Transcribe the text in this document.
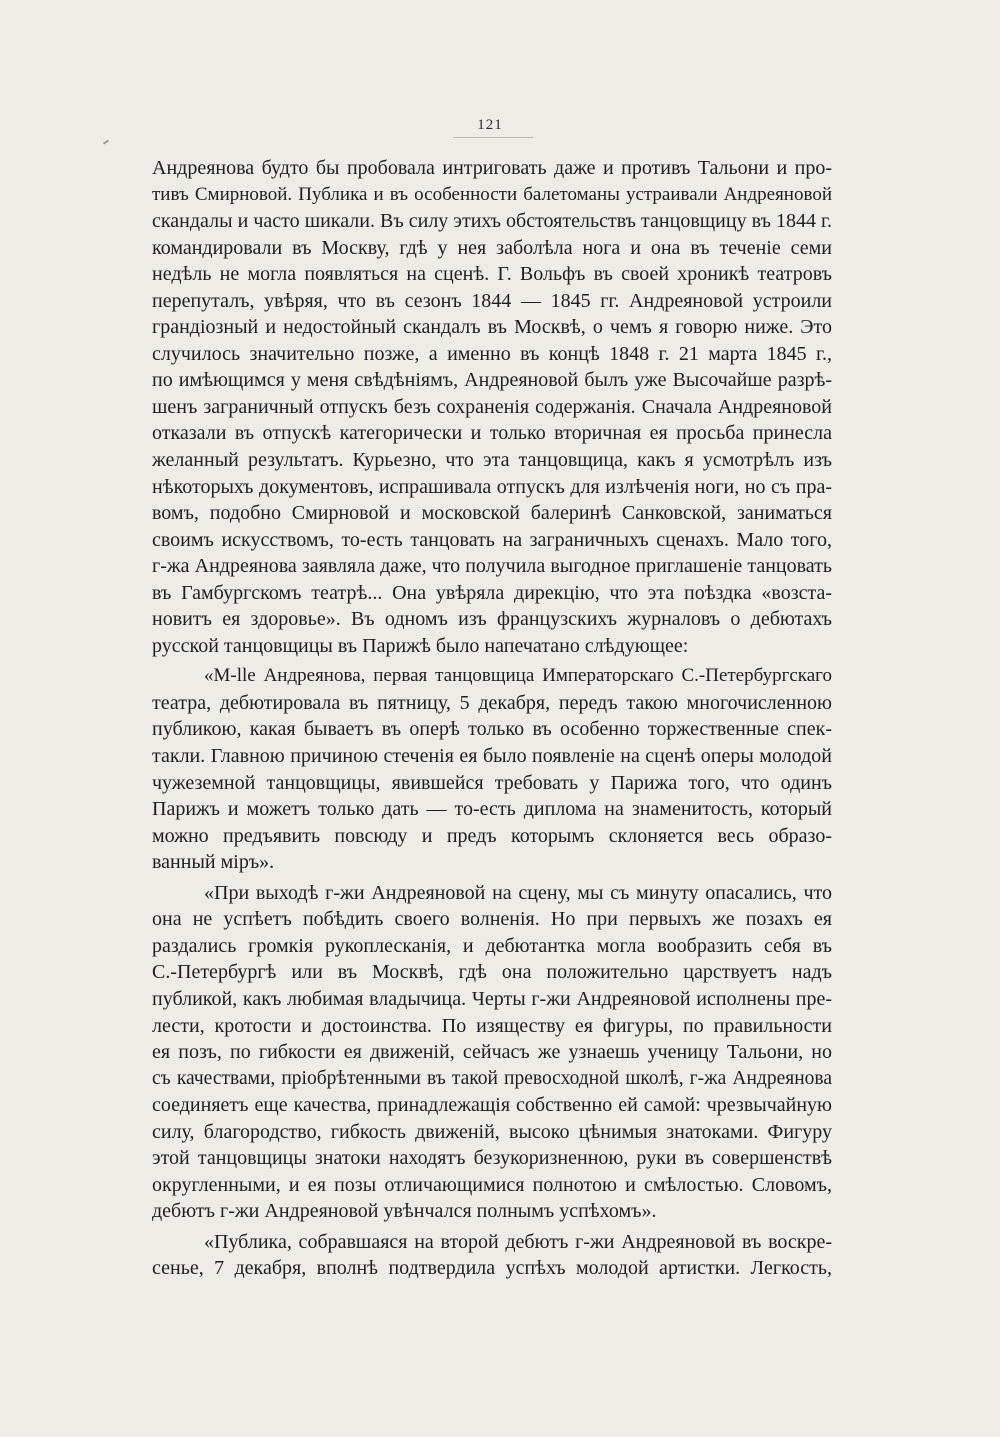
121
Андреянова будто бы пробовала интриговать даже и противъ Тальони и про-
тивъ Смирновой. Публика и въ особенности балетоманы устраивали Андреяновой
скандалы и часто шикали. Въ силу этихъ обстоятельствъ танцовщицу въ 1844 г.
командировали въ Москву, гдѣ у нея заболѣла нога и она въ теченіе семи
недѣль не могла появляться на сценѣ. Г. Вольфъ въ своей хроникѣ театровъ
перепуталъ, увѣряя, что въ сезонъ 1844 — 1845 гг. Андреяновой устроили
грандіозный и недостойный скандалъ въ Москвѣ, о чемъ я говорю ниже. Это
случилось значительно позже, а именно въ концѣ 1848 г. 21 марта 1845 г.,
по имѣющимся у меня свѣдѣніямъ, Андреяновой былъ уже Высочайше разрѣ-
шенъ заграничный отпускъ безъ сохраненія содержанія. Сначала Андреяновой
отказали въ отпускѣ категорически и только вторичная ея просьба принесла
желанный результатъ. Курьезно, что эта танцовщица, какъ я усмотрѣлъ изъ
нѣкоторыхъ документовъ, испрашивала отпускъ для излѣченія ноги, но съ пра-
вомъ, подобно Смирновой и московской балеринѣ Санковской, заниматься
своимъ искусствомъ, то-есть танцовать на заграничныхъ сценахъ. Мало того,
г-жа Андреянова заявляла даже, что получила выгодное приглашеніе танцовать
въ Гамбургскомъ театрѣ... Она увѣряла дирекцію, что эта поѣздка «возста-
новитъ ея здоровье». Въ одномъ изъ французскихъ журналовъ о дебютахъ
русской танцовщицы въ Парижѣ было напечатано слѣдующее:
«M-lle Андреянова, первая танцовщица Императорскаго С.-Петербургскаго
театра, дебютировала въ пятницу, 5 декабря, передъ такою многочисленною
публикою, какая бываетъ въ оперѣ только въ особенно торжественные спек-
такли. Главною причиною стеченія ея было появленіе на сценѣ оперы молодой
чужеземной танцовщицы, явившейся требовать у Парижа того, что одинъ
Парижъ и можетъ только дать — то-есть диплома на знаменитость, который
можно предъявить повсюду и предъ которымъ склоняется весь образо-
ванный міръ».
«При выходѣ г-жи Андреяновой на сцену, мы съ минуту опасались, что
она не успѣетъ побѣдить своего волненія. Но при первыхъ же позахъ ея
раздались громкія рукоплесканія, и дебютантка могла вообразить себя въ
С.-Петербургѣ или въ Москвѣ, гдѣ она положительно царствуетъ надъ
публикой, какъ любимая владычица. Черты г-жи Андреяновой исполнены пре-
лести, кротости и достоинства. По изяществу ея фигуры, по правильности
ея позъ, по гибкости ея движеній, сейчасъ же узнаешь ученицу Тальони, но
съ качествами, пріобрѣтенными въ такой превосходной школѣ, г-жа Андреянова
соединяетъ еще качества, принадлежащія собственно ей самой: чрезвычайную
силу, благородство, гибкость движеній, высоко цѣнимыя знатоками. Фигуру
этой танцовщицы знатоки находятъ безукоризненною, руки въ совершенствѣ
округленными, и ея позы отличающимися полнотою и смѣлостью. Словомъ,
дебютъ г-жи Андреяновой увѣнчался полнымъ успѣхомъ».
«Публика, собравшаяся на второй дебютъ г-жи Андреяновой въ воскре-
сенье, 7 декабря, вполнѣ подтвердила успѣхъ молодой артистки. Легкость,
